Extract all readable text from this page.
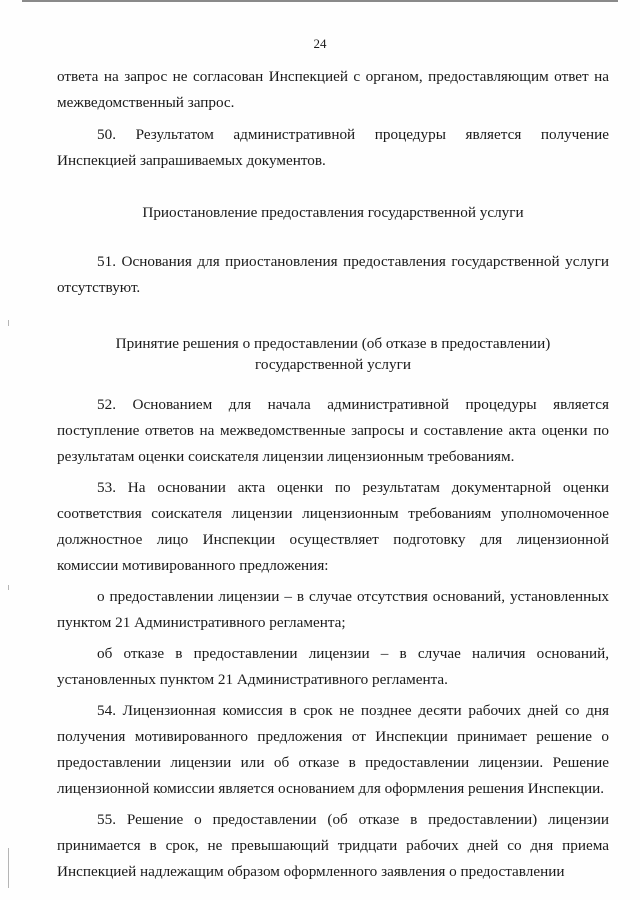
24

ответа на запрос не согласован Инспекцией с органом, предоставляющим ответ на межведомственный запрос.

50. Результатом административной процедуры является получение Инспекцией запрашиваемых документов.

Приостановление предоставления государственной услуги

51. Основания для приостановления предоставления государственной услуги отсутствуют.

Принятие решения о предоставлении (об отказе в предоставлении)

государственной услуги

52. Основанием для начала административной процедуры является поступление ответов на межведомственные запросы и составление акта оценки по результатам оценки соискателя лицензии лицензионным требованиям.

53. На основании акта оценки по результатам документарной оценки соответствия соискателя лицензии лицензионным требованиям уполномоченное должностное лицо Инспекции осуществляет подготовку для лицензионной комиссии мотивированного предложения:

о предоставлении лицензии – в случае отсутствия оснований, установленных пунктом 21 Административного регламента;

об отказе в предоставлении лицензии – в случае наличия оснований, установленных пунктом 21 Административного регламента.

54. Лицензионная комиссия в срок не позднее десяти рабочих дней со дня получения мотивированного предложения от Инспекции принимает решение о предоставлении лицензии или об отказе в предоставлении лицензии. Решение лицензионной комиссии является основанием для оформления решения Инспекции.

55. Решение о предоставлении (об отказе в предоставлении) лицензии принимается в срок, не превышающий тридцати рабочих дней со дня приема Инспекцией надлежащим образом оформленного заявления о предоставлении
